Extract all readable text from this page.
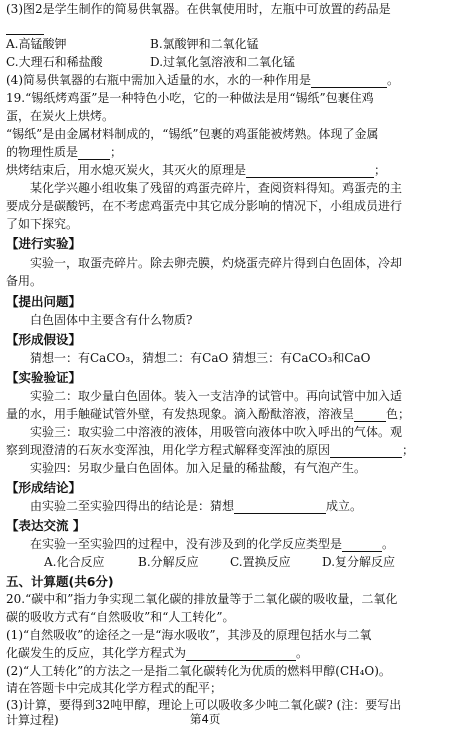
(3)图2是学生制作的简易供氧器。在供氧使用时，左瓶中可放置的药品是
A.高锰酸钾	B.氯酸钾和二氧化锰
C.大理石和稀盐酸	D.过氧化氢溶液和二氧化锰
(4)简易供氧器的右瓶中需加入适量的水，水的一种作用是	。
19.“锡纸烤鸡蛋”是一种特色小吃，它的一种做法是用“锡纸”包裹住鸡
蛋，在炭火上烘烤。
“锡纸”是由金属材料制成的，“锡纸”包裹的鸡蛋能被烤熟。体现了金属
的物理性质是	；
烘烤结束后，用水熄灭炭火，其灭火的原理是	；
某化学兴趣小组收集了残留的鸡蛋壳碎片，查阅资料得知。鸡蛋壳的主
要成分是碳酸钙，在不考虑鸡蛋壳中其它成分影响的情况下，小组成员进行
了如下探究。
【进行实验】
实验一，取蛋壳碎片。除去卵壳膜，灼烧蛋壳碎片得到白色固体，冷却
备用。
【提出问题】
白色固体中主要含有什么物质?
【形成假设】
猜想一：有CaCO₃，猜想二：有CaO 猜想三：有CaCO₃和CaO
【实验验证】
实验二：取少量白色固体。装入一支洁净的试管中。再向试管中加入适
量的水，用手触碰试管外壁，有发热现象。滴入酚酞溶液，溶液呈	色；
实验三：取实验二中溶液的液体，用吸管向液体中吹入呼出的气体。观
察到现澄清的石灰水变浑浊，用化学方程式解释变浑浊的原因	；
实验四：另取少量白色固体。加入足量的稀盐酸，有气泡产生。
【形成结论】
由实验二至实验四得出的结论是：猜想	成立。
【表达交流 】
在实验一至实验四的过程中，没有涉及到的化学反应类型是	。
A.化合反应	B.分解反应	C.置换反应	D.复分解反应
五、计算题(共6分)
20.“碳中和”指力争实现二氧化碳的排放量等于二氧化碳的吸收量，二氧化
碳的吸收方式有“自然吸收”和“人工转化”。
(1)“自然吸收”的途径之一是“海水吸收”，其涉及的原理包括水与二氧
化碳发生的反应，其化学方程式为	。
(2)“人工转化”的方法之一是指二氧化碳转化为优质的燃料甲醇(CH₄O)。
请在答题卡中完成其化学方程式的配平；
(3)计算，要得到32吨甲醇，理论上可以吸收多少吨二氧化碳? (注：要写出
计算过程)	第4页
